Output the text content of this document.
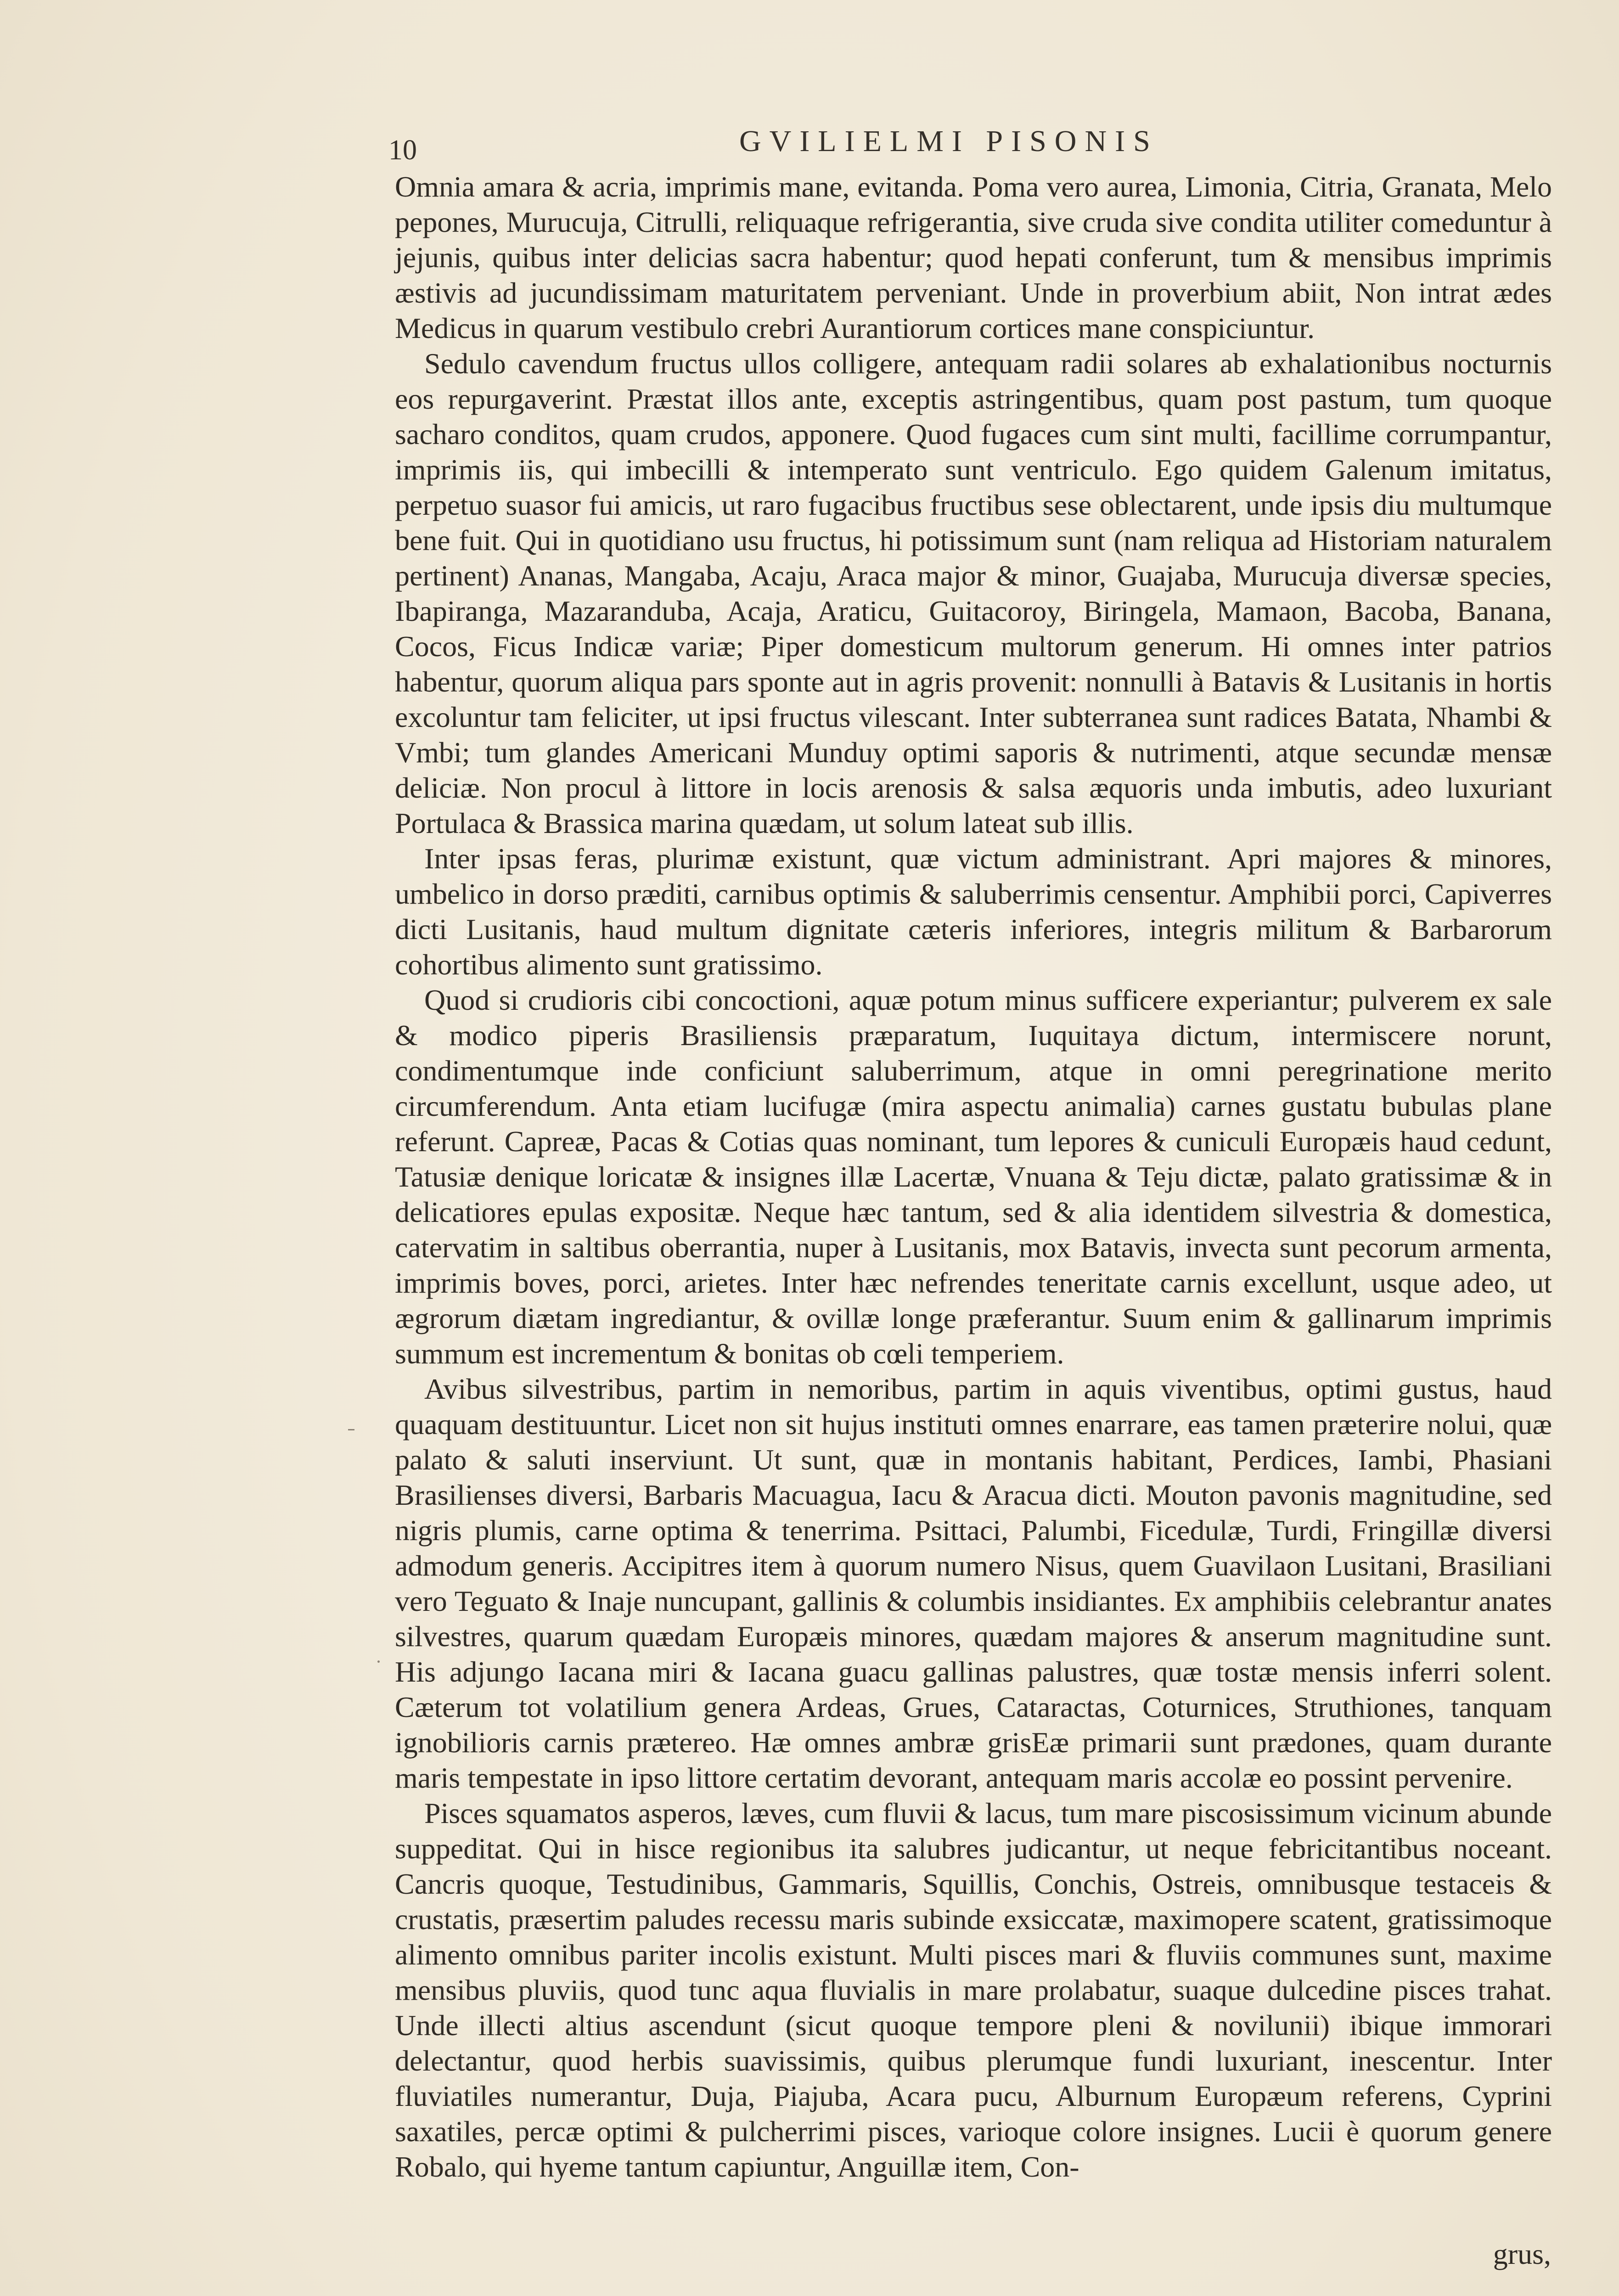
10	GVILIELMI PISONIS

Omnia amara & acria, imprimis mane, evitanda. Poma vero aurea, Limonia, Citria, Granata, Melo pepones, Murucuja, Citrulli, reliquaque refrigerantia, sive cruda sive condita utiliter comeduntur à jejunis, quibus inter delicias sacra habentur; quod hepati conferunt, tum & mensibus imprimis æstivis ad jucundissimam maturitatem perveniant. Unde in proverbium abiit, Non intrat ædes Medicus in quarum vestibulo crebri Aurantiorum cortices mane conspiciuntur.

Sedulo cavendum fructus ullos colligere, antequam radii solares ab exhalationibus nocturnis eos repurgaverint. Præstat illos ante, exceptis astringentibus, quam post pastum, tum quoque sacharo conditos, quam crudos, apponere. Quod fugaces cum sint multi, facillime corrumpantur, imprimis iis, qui imbecilli & intemperato sunt ventriculo. Ego quidem Galenum imitatus, perpetuo suasor fui amicis, ut raro fugacibus fructibus sese oblectarent, unde ipsis diu multumque bene fuit. Qui in quotidiano usu fructus, hi potissimum sunt (nam reliqua ad Historiam naturalem pertinent) Ananas, Mangaba, Acaju, Araca major & minor, Guajaba, Murucuja diversæ species, Ibapiranga, Mazaranduba, Acaja, Araticu, Guitacoroy, Biringela, Mamaon, Bacoba, Banana, Cocos, Ficus Indicæ variæ; Piper domesticum multorum generum. Hi omnes inter patrios habentur, quorum aliqua pars sponte aut in agris provenit: nonnulli à Batavis & Lusitanis in hortis excoluntur tam feliciter, ut ipsi fructus vilescant. Inter subterranea sunt radices Batata, Nhambi & Vmbi; tum glandes Americani Munduy optimi saporis & nutrimenti, atque secundæ mensæ deliciæ. Non procul à littore in locis arenosis & salsa æquoris unda imbutis, adeo luxuriant Portulaca & Brassica marina quædam, ut solum lateat sub illis.

Inter ipsas feras, plurimæ existunt, quæ victum administrant. Apri majores & minores, umbelico in dorso præditi, carnibus optimis & saluberrimis censentur. Amphibii porci, Capiverres dicti Lusitanis, haud multum dignitate cæteris inferiores, integris militum & Barbarorum cohortibus alimento sunt gratissimo.

Quod si crudioris cibi concoctioni, aquæ potum minus sufficere experiantur; pulverem ex sale & modico piperis Brasiliensis præparatum, Iuquitaya dictum, intermiscere norunt, condimentumque inde conficiunt saluberrimum, atque in omni peregrinatione merito circumferendum. Anta etiam lucifugæ (mira aspectu animalia) carnes gustatu bubulas plane referunt. Capreæ, Pacas & Cotias quas nominant, tum lepores & cuniculi Europæis haud cedunt, Tatusiæ denique loricatæ & insignes illæ Lacertæ, Vnuana & Teju dictæ, palato gratissimæ & in delicatiores epulas expositæ. Neque hæc tantum, sed & alia identidem silvestria & domestica, catervatim in saltibus oberrantia, nuper à Lusitanis, mox Batavis, invecta sunt pecorum armenta, imprimis boves, porci, arietes. Inter hæc nefrendes teneritate carnis excellunt, usque adeo, ut ægrorum diætam ingrediantur, & ovillæ longe præferantur. Suum enim & gallinarum imprimis summum est incrementum & bonitas ob cœli temperiem.

Avibus silvestribus, partim in nemoribus, partim in aquis viventibus, optimi gustus, haud quaquam destituuntur. Licet non sit hujus instituti omnes enarrare, eas tamen præterire nolui, quæ palato & saluti inserviunt. Ut sunt, quæ in montanis habitant, Perdices, Iambi, Phasiani Brasilienses diversi, Barbaris Macuagua, Iacu & Aracua dicti. Mouton pavonis magnitudine, sed nigris plumis, carne optima & tenerrima. Psittaci, Palumbi, Ficedulæ, Turdi, Fringillæ diversi admodum generis. Accipitres item à quorum numero Nisus, quem Guavilaon Lusitani, Brasiliani vero Teguato & Inaje nuncupant, gallinis & columbis insidiantes. Ex amphibiis celebrantur anates silvestres, quarum quædam Europæis minores, quædam majores & anserum magnitudine sunt. His adjungo Iacana miri & Iacana guacu gallinas palustres, quæ tostæ mensis inferri solent. Cæterum tot volatilium genera Ardeas, Grues, Cataractas, Coturnices, Struthiones, tanquam ignobilioris carnis prætereo. Hæ omnes ambræ grisEæ primarii sunt prædones, quam durante maris tempestate in ipso littore certatim devorant, antequam maris accolæ eo possint pervenire.

Pisces squamatos asperos, læves, cum fluvii & lacus, tum mare piscosissimum vicinum abunde suppeditat. Qui in hisce regionibus ita salubres judicantur, ut neque febricitantibus noceant. Cancris quoque, Testudinibus, Gammaris, Squillis, Conchis, Ostreis, omnibusque testaceis & crustatis, præsertim paludes recessu maris subinde exsiccatæ, maximopere scatent, gratissimoque alimento omnibus pariter incolis existunt. Multi pisces mari & fluviis communes sunt, maxime mensibus pluviis, quod tunc aqua fluvialis in mare prolabatur, suaque dulcedine pisces trahat. Unde illecti altius ascendunt (sicut quoque tempore pleni & novilunii) ibique immorari delectantur, quod herbis suavissimis, quibus plerumque fundi luxuriant, inescentur. Inter fluviatiles numerantur, Duja, Piajuba, Acara pucu, Alburnum Europæum referens, Cyprini saxatiles, percæ optimi & pulcherrimi pisces, varioque colore insignes. Lucii è quorum genere Robalo, qui hyeme tantum capiuntur, Anguillæ item, Con-

grus,
